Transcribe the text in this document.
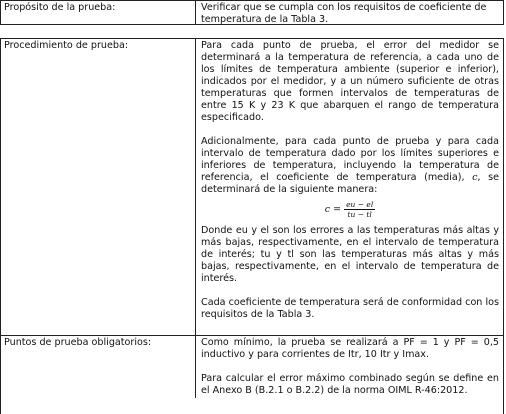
Propósito de la prueba:	Verificar que se cumpla con los requisitos de coeficiente de temperatura de la Tabla 3.
Procedimiento de prueba:	Para cada punto de prueba, el error del medidor se determinará a la temperatura de referencia, a cada uno de los límites de temperatura ambiente (superior e inferior), indicados por el medidor, y a un número suficiente de otras temperaturas que formen intervalos de temperaturas de entre 15 K y 23 K que abarquen el rango de temperatura especificado.

Adicionalmente, para cada punto de prueba y para cada intervalo de temperatura dado por los límites superiores e inferiores de temperatura, incluyendo la temperatura de referencia, el coeficiente de temperatura (media), c, se determinará de la siguiente manera:

$c = \frac{eu - el}{tu - tl}$

Donde eu y el son los errores a las temperaturas más altas y más bajas, respectivamente, en el intervalo de temperatura de interés; tu y tl son las temperaturas más altas y más bajas, respectivamente, en el intervalo de temperatura de interés.

Cada coeficiente de temperatura será de conformidad con los requisitos de la Tabla 3.

Puntos de prueba obligatorios:	Como mínimo, la prueba se realizará a PF = 1 y PF = 0,5 inductivo y para corrientes de Itr, 10 Itr y Imax.

Para calcular el error máximo combinado según se define en el Anexo B (B.2.1 o B.2.2) de la norma OIML R-46:2012.
